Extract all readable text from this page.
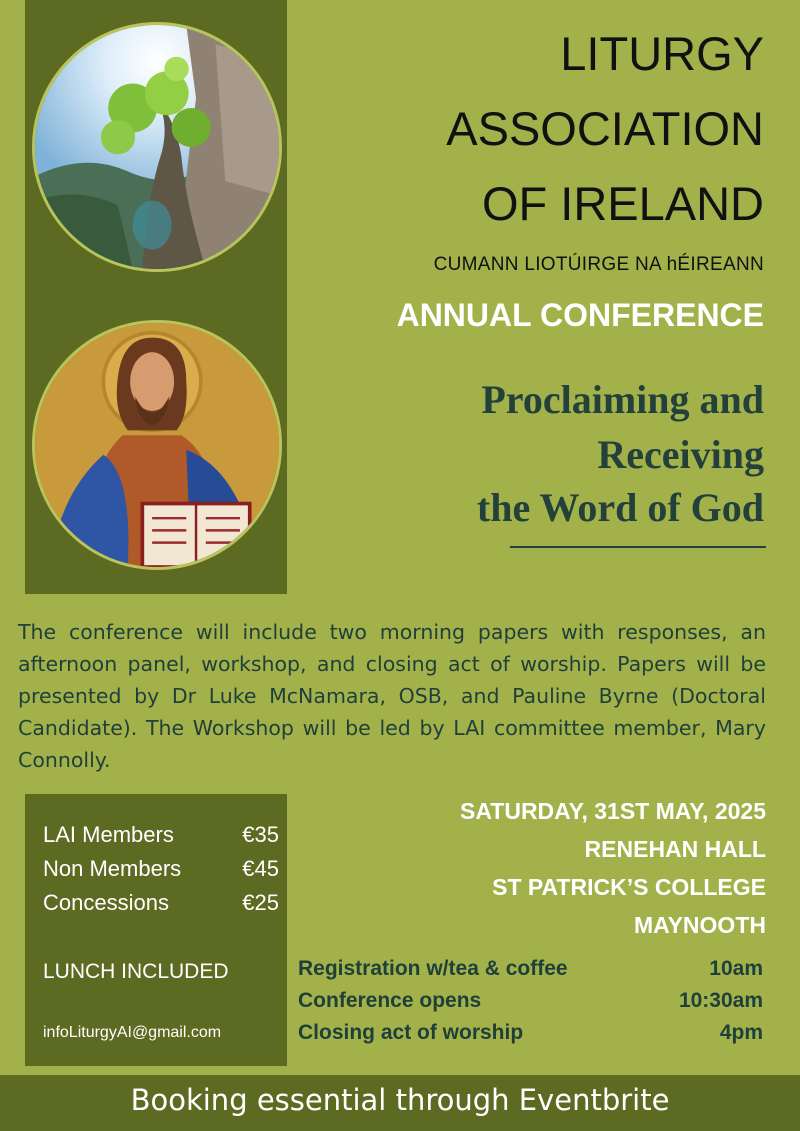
LITURGY
ASSOCIATION
OF IRELAND
CUMANN LIOTÚIRGE NA hÉIREANN
ANNUAL CONFERENCE
Proclaiming and
Receiving
the Word of God

The conference will include two morning papers with responses, an afternoon panel, workshop, and closing act of worship. Papers will be presented by Dr Luke McNamara, OSB, and Pauline Byrne (Doctoral Candidate). The Workshop will be led by LAI committee member, Mary Connolly.

LAI Members	€35
Non Members	€45
Concessions	€25
LUNCH INCLUDED
infoLiturgyAI@gmail.com
SATURDAY, 31ST MAY, 2025
RENEHAN HALL
ST PATRICK’S COLLEGE
MAYNOOTH
Registration w/tea & coffee	10am
Conference opens	10:30am
Closing act of worship	4pm
Booking essential through Eventbrite
